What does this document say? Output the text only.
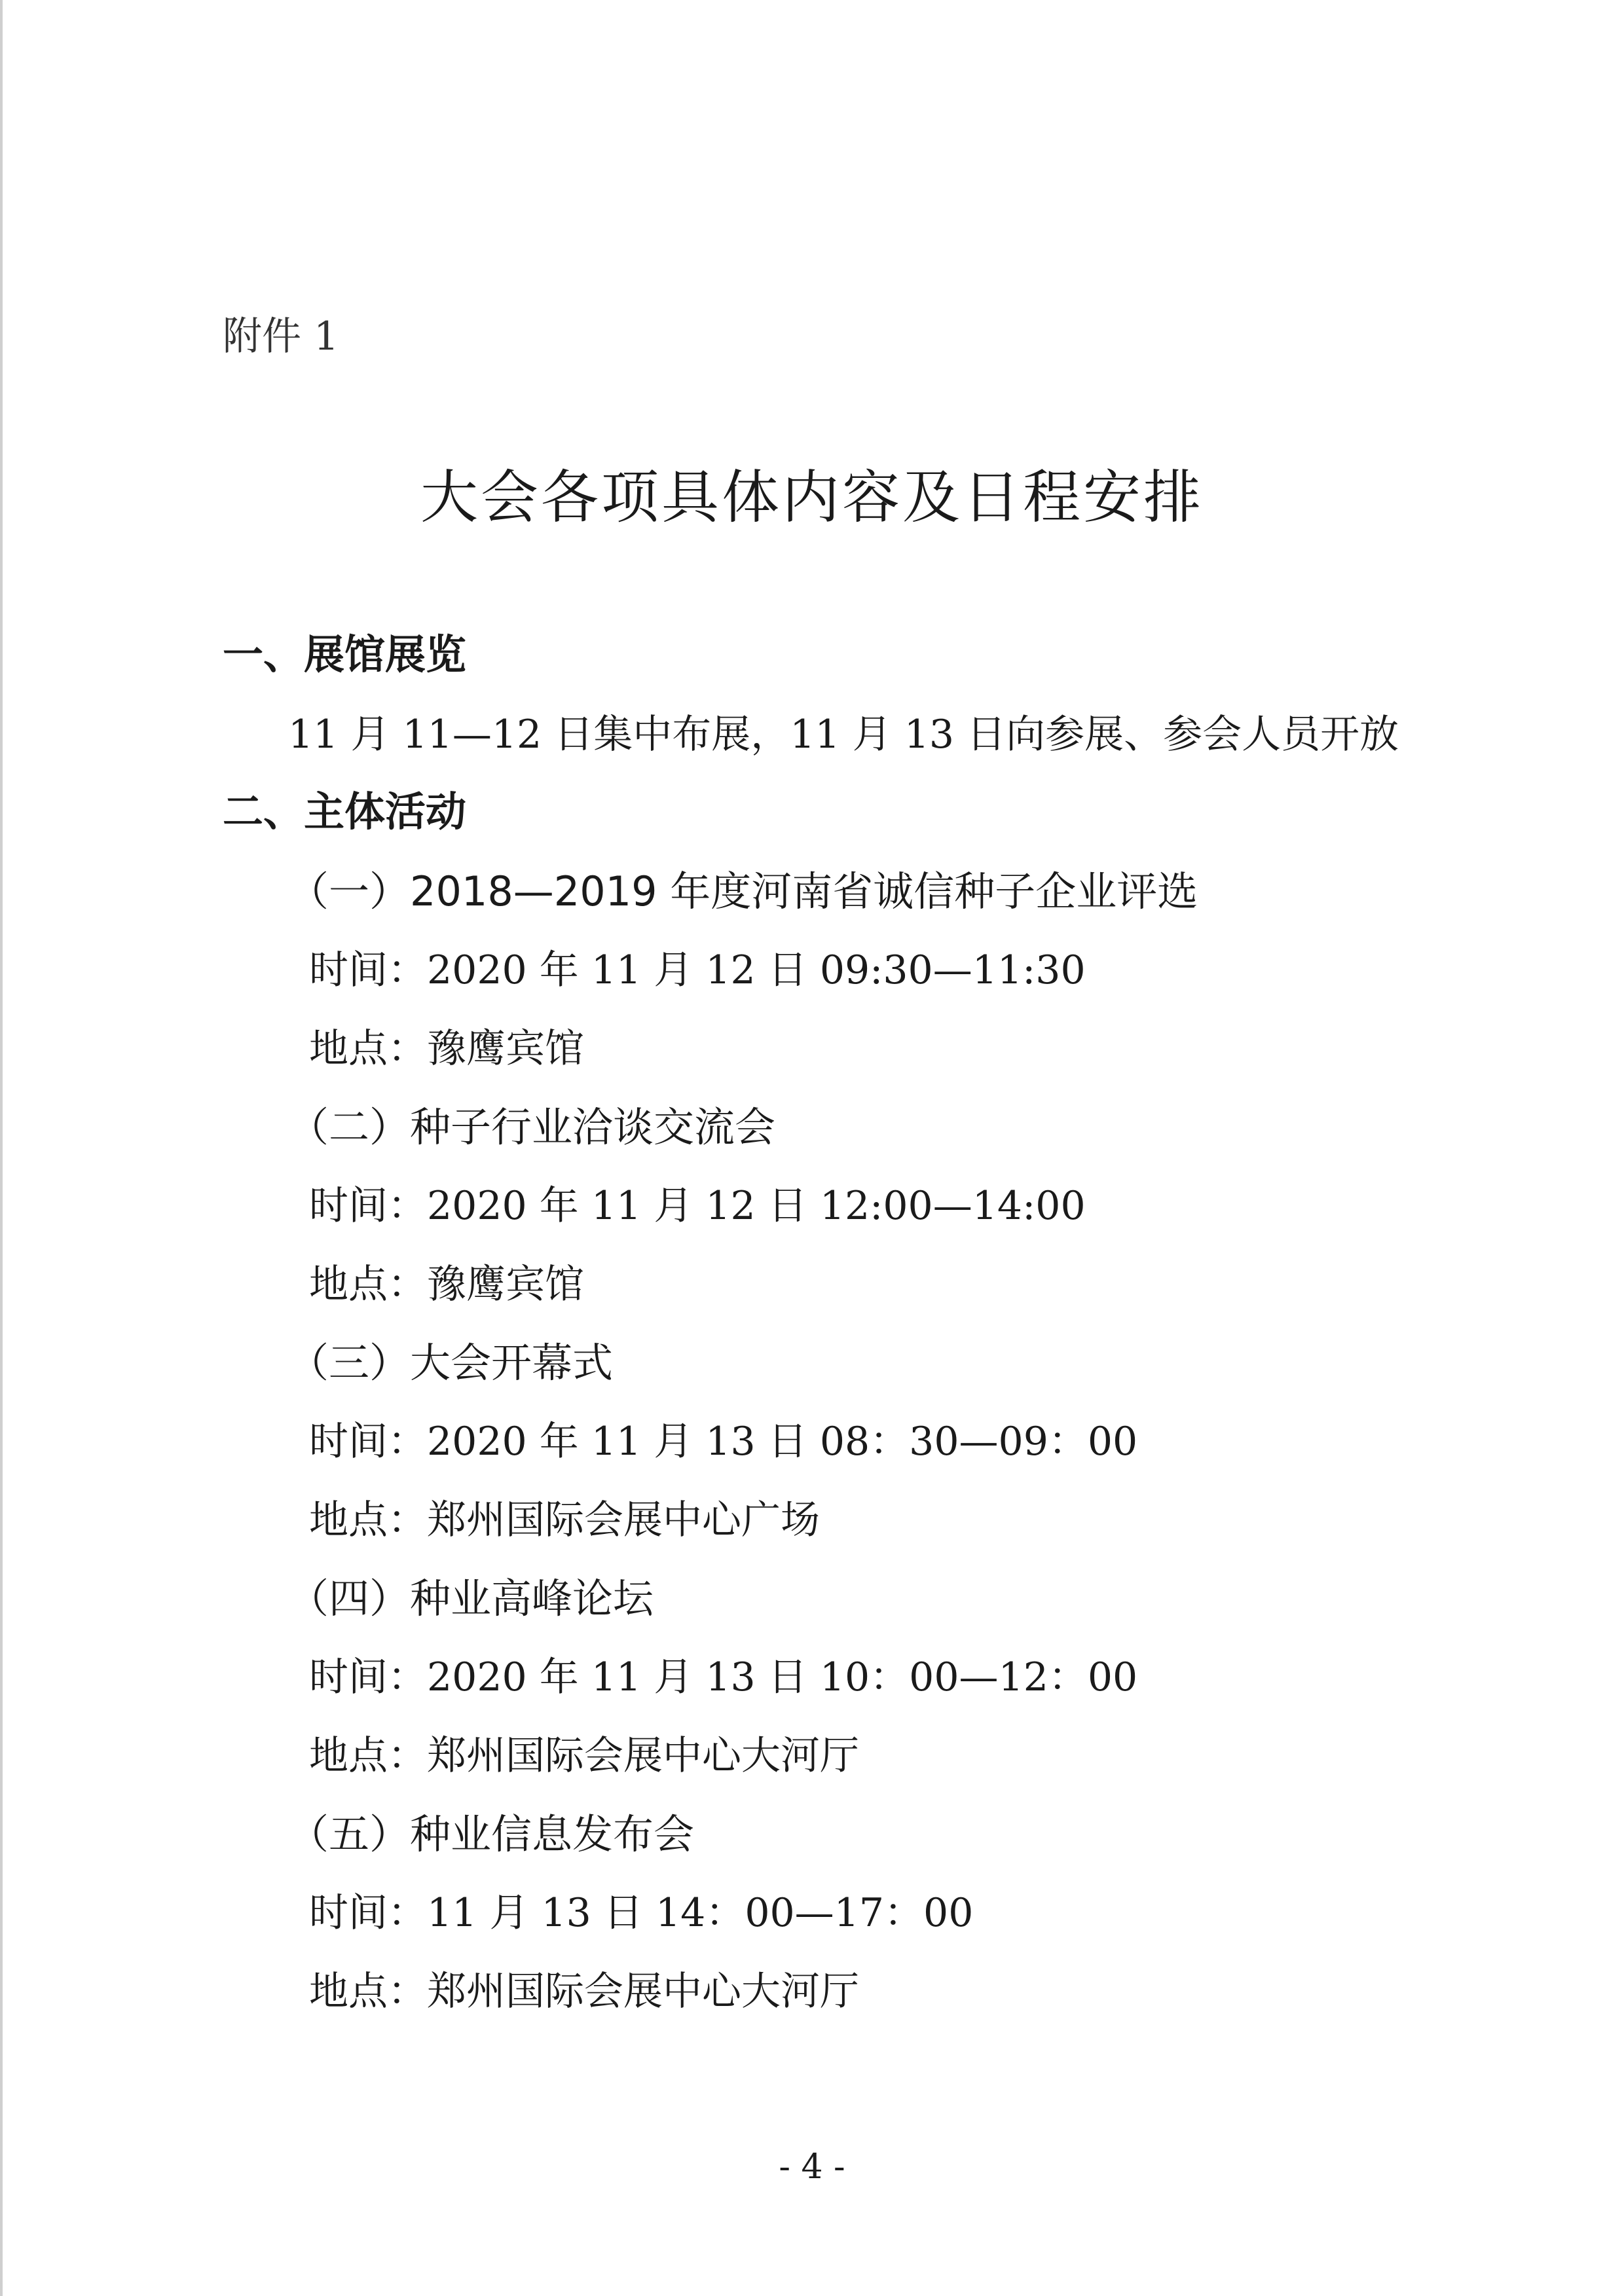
附件 1
大会各项具体内容及日程安排
一、展馆展览
11 月 11—12 日集中布展，11 月 13 日向参展、参会人员开放
二、主体活动
（一）2018—2019 年度河南省诚信种子企业评选
时间：2020 年 11 月 12 日 09:30—11:30
地点：豫鹰宾馆
（二）种子行业洽谈交流会
时间：2020 年 11 月 12 日 12:00—14:00
地点：豫鹰宾馆
（三）大会开幕式
时间：2020 年 11 月 13 日 08：30—09：00
地点：郑州国际会展中心广场
（四）种业高峰论坛
时间：2020 年 11 月 13 日 10：00—12：00
地点：郑州国际会展中心大河厅
（五）种业信息发布会
时间：11 月 13 日 14：00—17：00
地点：郑州国际会展中心大河厅
- 4 -
